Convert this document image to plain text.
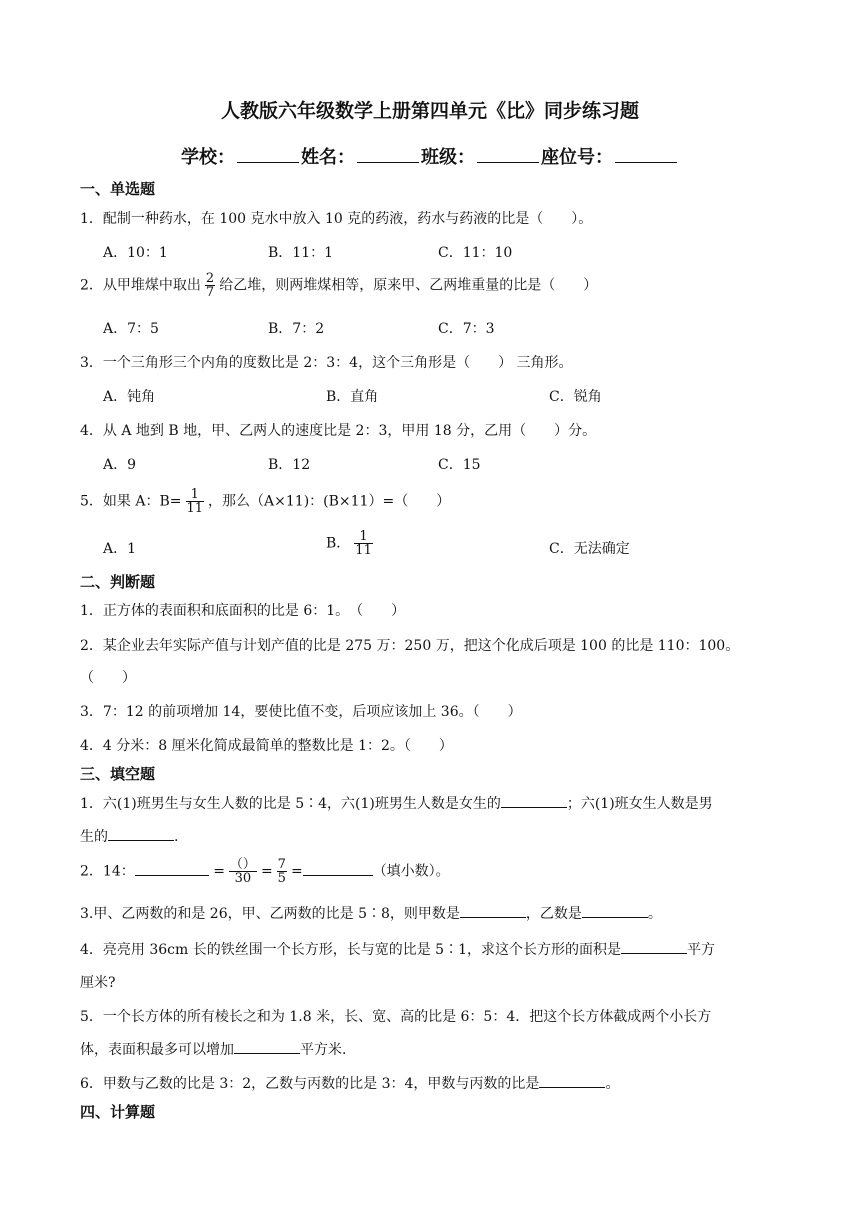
人教版六年级数学上册第四单元《比》同步练习题
学校：	姓名：	班级：	座位号：
一、单选题
1．配制一种药水，在 100 克水中放入 10 克的药液，药水与药液的比是（　　）。
A．10：1	B．11：1	C．11：10
2．从甲堆煤中取出 $\frac{2}{7}$ 给乙堆，则两堆煤相等，原来甲、乙两堆重量的比是（　　）
A．7：5	B．7：2	C．7：3
3．一个三角形三个内角的度数比是 2：3：4，这个三角形是（　　） 三角形。
A．钝角	B．直角	C．锐角
4．从 A 地到 B 地，甲、乙两人的速度比是 2：3，甲用 18 分，乙用（　　）分。
A．9	B．12	C．15
5．如果 A：$B= \frac{1}{11}$ ，那么（A×11)：(B×11）=（　　）
A．1	B． $\frac{1}{11}$	C．无法确定
二、判断题
1．正方体的表面积和底面积的比是 6：1。　（　　）
2．某企业去年实际产值与计划产值的比是 275 万：250 万，把这个化成后项是 100 的比是 110：100。
（　　）
3．7：12 的前项增加 14，要使比值不变，后项应该加上 36。（　　）
4．4 分米：8 厘米化简成最简单的整数比是 1：2。（　　）
三、填空题
1．六(1)班男生与女生人数的比是 5∶4，六(1)班男生人数是女生的	；六(1)班女生人数是男
生的	.
2．14：	= $\frac{()}{30} = \frac{7}{5}$ =	（填小数）。
3.甲、乙两数的和是 26，甲、乙两数的比是 5∶8，则甲数是	，乙数是	。
4．亮亮用 36cm 长的铁丝围一个长方形，长与宽的比是 5∶1，求这个长方形的面积是	平方
厘米?
5．一个长方体的所有棱长之和为 1.8 米，长、宽、高的比是 6：5：4．把这个长方体截成两个小长方
体，表面积最多可以增加	平方米.
6．甲数与乙数的比是 3：2，乙数与丙数的比是 3：4，甲数与丙数的比是	。
四、计算题
